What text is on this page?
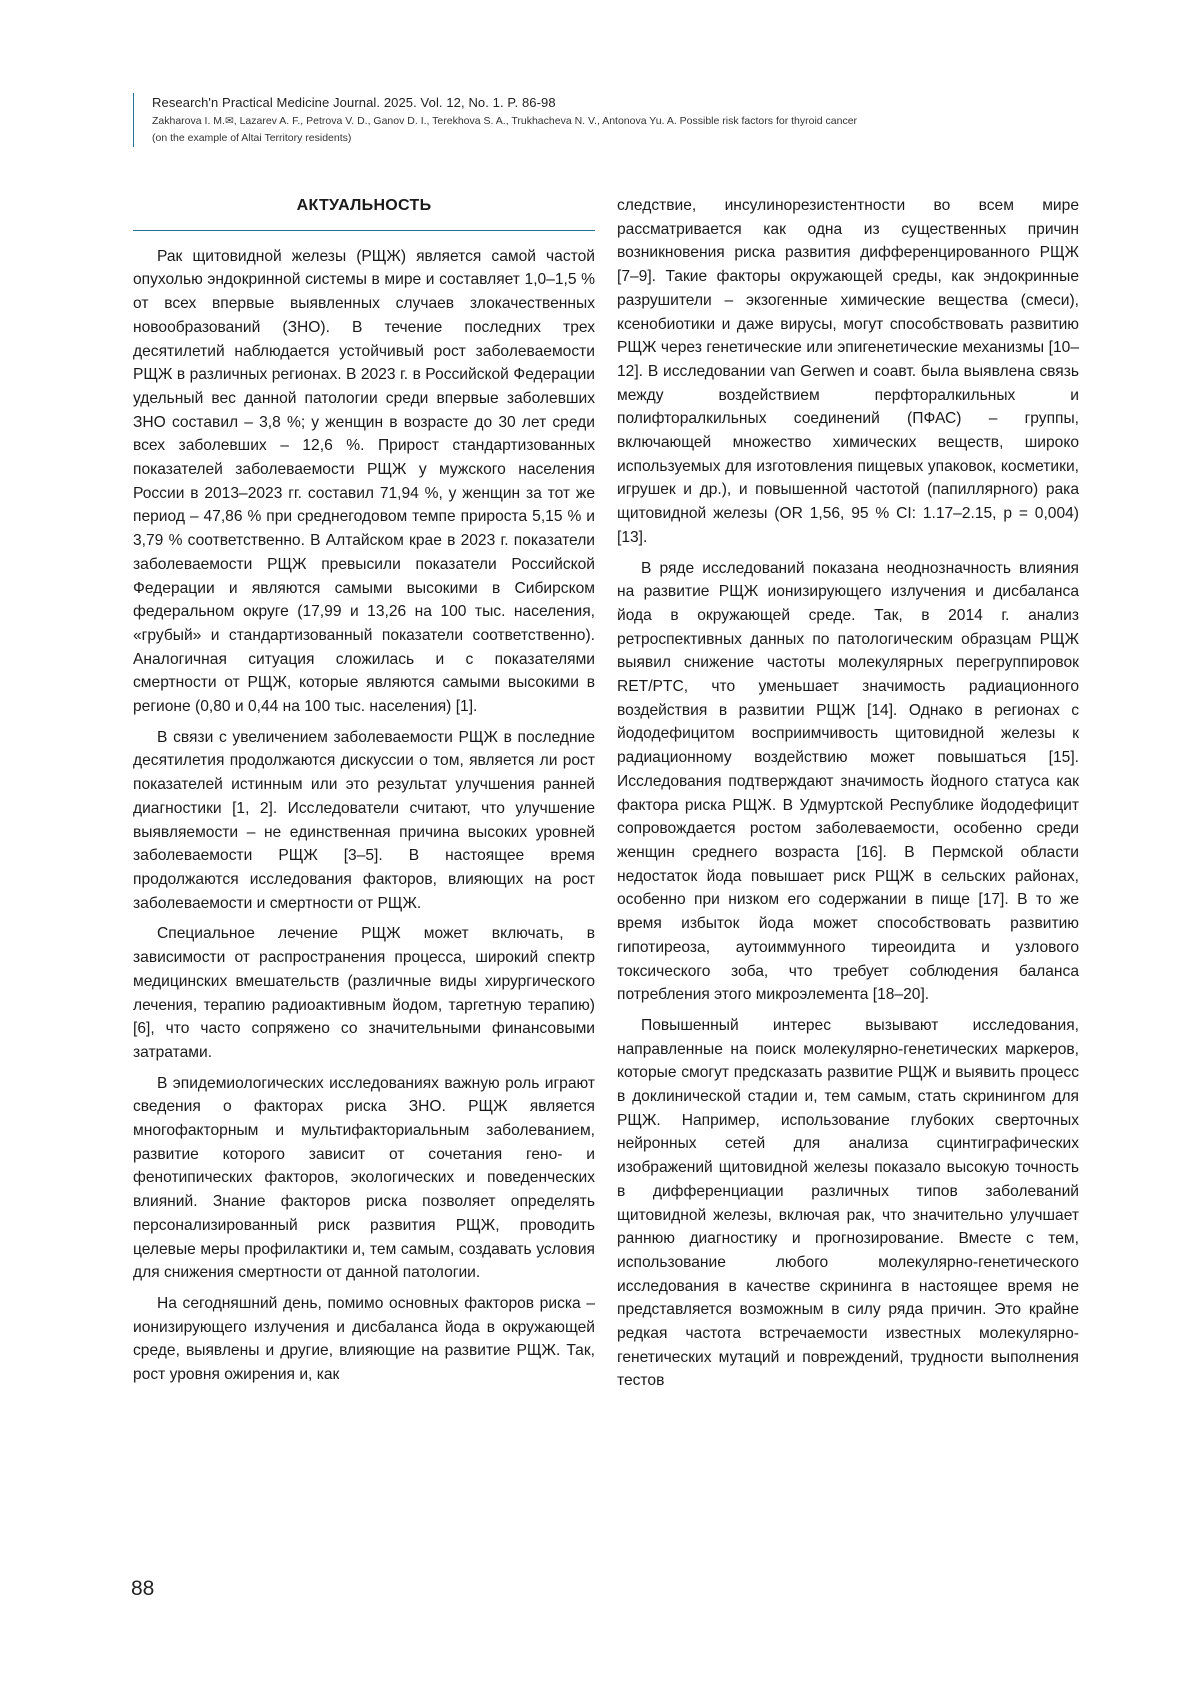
Research'n Practical Medicine Journal. 2025. Vol. 12, No. 1. P. 86-98
Zakharova I. M.✉, Lazarev A. F., Petrova V. D., Ganov D. I., Terekhova S. A., Trukhacheva N. V., Antonova Yu. A. Possible risk factors for thyroid cancer
(on the example of Altai Territory residents)
АКТУАЛЬНОСТЬ

Рак щитовидной железы (РЩЖ) является самой частой опухолью эндокринной системы в мире и составляет 1,0–1,5 % от всех впервые выявленных случаев злокачественных новообразований (ЗНО). В течение последних трех десятилетий наблюдается устойчивый рост заболеваемости РЩЖ в различных регионах. В 2023 г. в Российской Федерации удельный вес данной патологии среди впервые заболевших ЗНО составил – 3,8 %; у женщин в возрасте до 30 лет среди всех заболевших – 12,6 %. Прирост стандартизованных показателей заболеваемости РЩЖ у мужского населения России в 2013–2023 гг. составил 71,94 %, у женщин за тот же период – 47,86 % при среднегодовом темпе прироста 5,15 % и 3,79 % соответственно. В Алтайском крае в 2023 г. показатели заболеваемости РЩЖ превысили показатели Российской Федерации и являются самыми высокими в Сибирском федеральном округе (17,99 и 13,26 на 100 тыс. населения, «грубый» и стандартизованный показатели соответственно). Аналогичная ситуация сложилась и с показателями смертности от РЩЖ, которые являются самыми высокими в регионе (0,80 и 0,44 на 100 тыс. населения) [1].

В связи с увеличением заболеваемости РЩЖ в последние десятилетия продолжаются дискуссии о том, является ли рост показателей истинным или это результат улучшения ранней диагностики [1, 2]. Исследователи считают, что улучшение выявляемости – не единственная причина высоких уровней заболеваемости РЩЖ [3–5]. В настоящее время продолжаются исследования факторов, влияющих на рост заболеваемости и смертности от РЩЖ.

Специальное лечение РЩЖ может включать, в зависимости от распространения процесса, широкий спектр медицинских вмешательств (различные виды хирургического лечения, терапию радиоактивным йодом, таргетную терапию) [6], что часто сопряжено со значительными финансовыми затратами.

В эпидемиологических исследованиях важную роль играют сведения о факторах риска ЗНО. РЩЖ является многофакторным и мультифакториальным заболеванием, развитие которого зависит от сочетания гено- и фенотипических факторов, экологических и поведенческих влияний. Знание факторов риска позволяет определять персонализированный риск развития РЩЖ, проводить целевые меры профилактики и, тем самым, создавать условия для снижения смертности от данной патологии.

На сегодняшний день, помимо основных факторов риска – ионизирующего излучения и дисбаланса йода в окружающей среде, выявлены и другие, влияющие на развитие РЩЖ. Так, рост уровня ожирения и, как

следствие, инсулинорезистентности во всем мире рассматривается как одна из существенных причин возникновения риска развития дифференцированного РЩЖ [7–9]. Такие факторы окружающей среды, как эндокринные разрушители – экзогенные химические вещества (смеси), ксенобиотики и даже вирусы, могут способствовать развитию РЩЖ через генетические или эпигенетические механизмы [10–12]. В исследовании van Gerwen и соавт. была выявлена связь между воздействием перфторалкильных и полифторалкильных соединений (ПФАС) – группы, включающей множество химических веществ, широко используемых для изготовления пищевых упаковок, косметики, игрушек и др.), и повышенной частотой (папиллярного) рака щитовидной железы (OR 1,56, 95 % CI: 1.17–2.15, p = 0,004) [13].

В ряде исследований показана неоднозначность влияния на развитие РЩЖ ионизирующего излучения и дисбаланса йода в окружающей среде. Так, в 2014 г. анализ ретроспективных данных по патологическим образцам РЩЖ выявил снижение частоты молекулярных перегруппировок RET/PTC, что уменьшает значимость радиационного воздействия в развитии РЩЖ [14]. Однако в регионах с йододефицитом восприимчивость щитовидной железы к радиационному воздействию может повышаться [15]. Исследования подтверждают значимость йодного статуса как фактора риска РЩЖ. В Удмуртской Республике йододефицит сопровождается ростом заболеваемости, особенно среди женщин среднего возраста [16]. В Пермской области недостаток йода повышает риск РЩЖ в сельских районах, особенно при низком его содержании в пище [17]. В то же время избыток йода может способствовать развитию гипотиреоза, аутоиммунного тиреоидита и узлового токсического зоба, что требует соблюдения баланса потребления этого микроэлемента [18–20].

Повышенный интерес вызывают исследования, направленные на поиск молекулярно-генетических маркеров, которые смогут предсказать развитие РЩЖ и выявить процесс в доклинической стадии и, тем самым, стать скринингом для РЩЖ. Например, использование глубоких сверточных нейронных сетей для анализа сцинтиграфических изображений щитовидной железы показало высокую точность в дифференциации различных типов заболеваний щитовидной железы, включая рак, что значительно улучшает раннюю диагностику и прогнозирование. Вместе с тем, использование любого молекулярно-генетического исследования в качестве скрининга в настоящее время не представляется возможным в силу ряда причин. Это крайне редкая частота встречаемости известных молекулярно-генетических мутаций и повреждений, трудности выполнения тестов

88
